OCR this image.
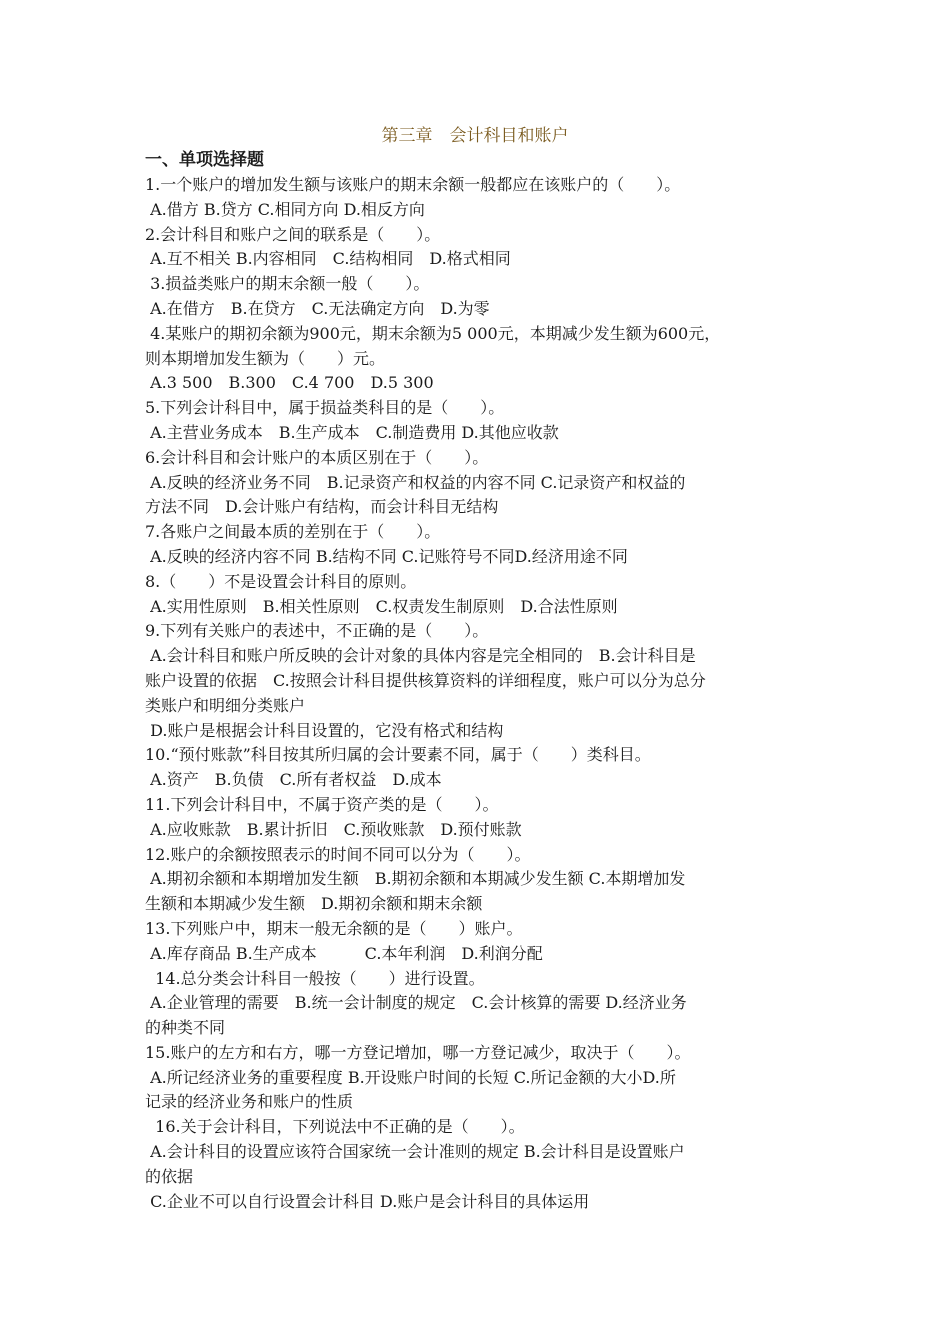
第三章　会计科目和账户
一、单项选择题
1.一个账户的增加发生额与该账户的期末余额一般都应在该账户的（　　）。
A.借方 B.贷方 C.相同方向 D.相反方向
2.会计科目和账户之间的联系是（　　）。
A.互不相关 B.内容相同　C.结构相同　D.格式相同
3.损益类账户的期末余额一般（　　）。
A.在借方　B.在贷方　C.无法确定方向　D.为零
4.某账户的期初余额为900元，期末余额为5 000元，本期减少发生额为600元，
则本期增加发生额为（　　）元。
A.3 500　B.300　C.4 700　D.5 300
5.下列会计科目中，属于损益类科目的是（　　）。
A.主营业务成本　B.生产成本　C.制造费用 D.其他应收款
6.会计科目和会计账户的本质区别在于（　　）。
A.反映的经济业务不同　B.记录资产和权益的内容不同 C.记录资产和权益的
方法不同　D.会计账户有结构，而会计科目无结构
7.各账户之间最本质的差别在于（　　）。
A.反映的经济内容不同 B.结构不同 C.记账符号不同D.经济用途不同
8.（　　）不是设置会计科目的原则。
A.实用性原则　B.相关性原则　C.权责发生制原则　D.合法性原则
9.下列有关账户的表述中，不正确的是（　　）。
A.会计科目和账户所反映的会计对象的具体内容是完全相同的　B.会计科目是
账户设置的依据　C.按照会计科目提供核算资料的详细程度，账户可以分为总分
类账户和明细分类账户
D.账户是根据会计科目设置的，它没有格式和结构
10.“预付账款”科目按其所归属的会计要素不同，属于（　　）类科目。
A.资产　B.负债　C.所有者权益　D.成本
11.下列会计科目中，不属于资产类的是（　　）。
A.应收账款　B.累计折旧　C.预收账款　D.预付账款
12.账户的余额按照表示的时间不同可以分为（　　）。
A.期初余额和本期增加发生额　B.期初余额和本期减少发生额 C.本期增加发
生额和本期减少发生额　D.期初余额和期末余额
13.下列账户中，期末一般无余额的是（　　）账户。
A.库存商品 B.生产成本　　　C.本年利润　D.利润分配
14.总分类会计科目一般按（　　）进行设置。
A.企业管理的需要　B.统一会计制度的规定　C.会计核算的需要 D.经济业务
的种类不同
15.账户的左方和右方，哪一方登记增加，哪一方登记减少，取决于（　　）。
A.所记经济业务的重要程度 B.开设账户时间的长短 C.所记金额的大小D.所
记录的经济业务和账户的性质
16.关于会计科目，下列说法中不正确的是（　　）。
A.会计科目的设置应该符合国家统一会计准则的规定 B.会计科目是设置账户
的依据
C.企业不可以自行设置会计科目 D.账户是会计科目的具体运用
